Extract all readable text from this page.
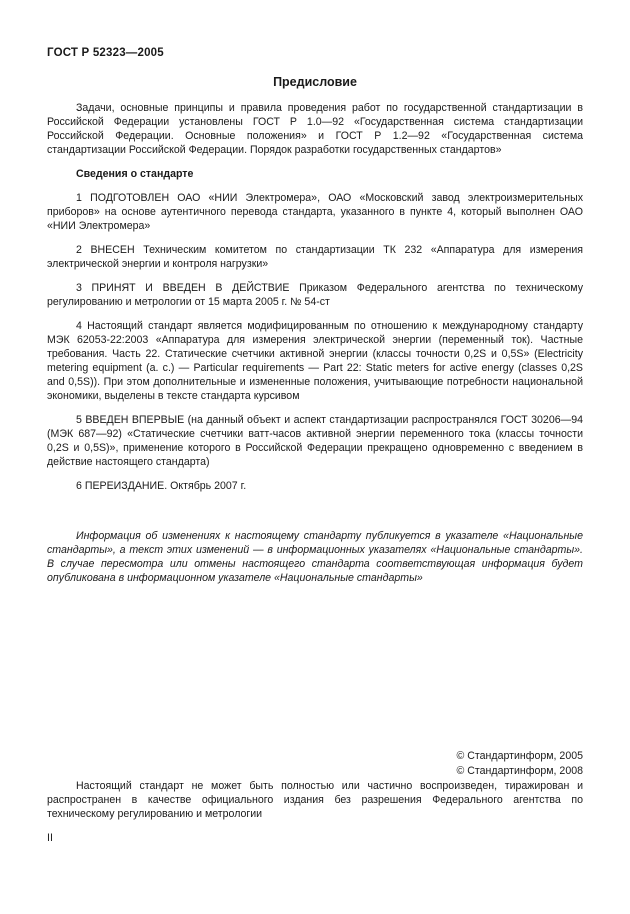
ГОСТ Р 52323—2005
Предисловие

Задачи, основные принципы и правила проведения работ по государственной стандартизации в Российской Федерации установлены ГОСТ Р 1.0—92 «Государственная система стандартизации Российской Федерации. Основные положения» и ГОСТ Р 1.2—92 «Государственная система стандартизации Российской Федерации. Порядок разработки государственных стандартов»

Сведения о стандарте

1 ПОДГОТОВЛЕН ОАО «НИИ Электромера», ОАО «Московский завод электроизмерительных приборов» на основе аутентичного перевода стандарта, указанного в пункте 4, который выполнен ОАО «НИИ Электромера»

2 ВНЕСЕН Техническим комитетом по стандартизации ТК 232 «Аппаратура для измерения электрической энергии и контроля нагрузки»

3 ПРИНЯТ И ВВЕДЕН В ДЕЙСТВИЕ Приказом Федерального агентства по техническому регулированию и метрологии от 15 марта 2005 г. № 54-ст

4 Настоящий стандарт является модифицированным по отношению к международному стандарту МЭК 62053-22:2003 «Аппаратура для измерения электрической энергии (переменный ток). Частные требования. Часть 22. Статические счетчики активной энергии (классы точности 0,2S и 0,5S» (Electricity metering equipment (a. c.) — Particular requirements — Part 22: Static meters for active energy (classes 0,2S and 0,5S)). При этом дополнительные и измененные положения, учитывающие потребности национальной экономики, выделены в тексте стандарта курсивом

5 ВВЕДЕН ВПЕРВЫЕ (на данный объект и аспект стандартизации распространялся ГОСТ 30206—94 (МЭК 687—92) «Статические счетчики ватт-часов активной энергии переменного тока (классы точности 0,2S и 0,5S)», применение которого в Российской Федерации прекращено одновременно с введением в действие настоящего стандарта)

6 ПЕРЕИЗДАНИЕ. Октябрь 2007 г.

Информация об изменениях к настоящему стандарту публикуется в указателе «Национальные стандарты», а текст этих изменений — в информационных указателях «Национальные стандарты». В случае пересмотра или отмены настоящего стандарта соответствующая информация будет опубликована в информационном указателе «Национальные стандарты»

© Стандартинформ, 2005
© Стандартинформ, 2008

Настоящий стандарт не может быть полностью или частично воспроизведен, тиражирован и распространен в качестве официального издания без разрешения Федерального агентства по техническому регулированию и метрологии

II
